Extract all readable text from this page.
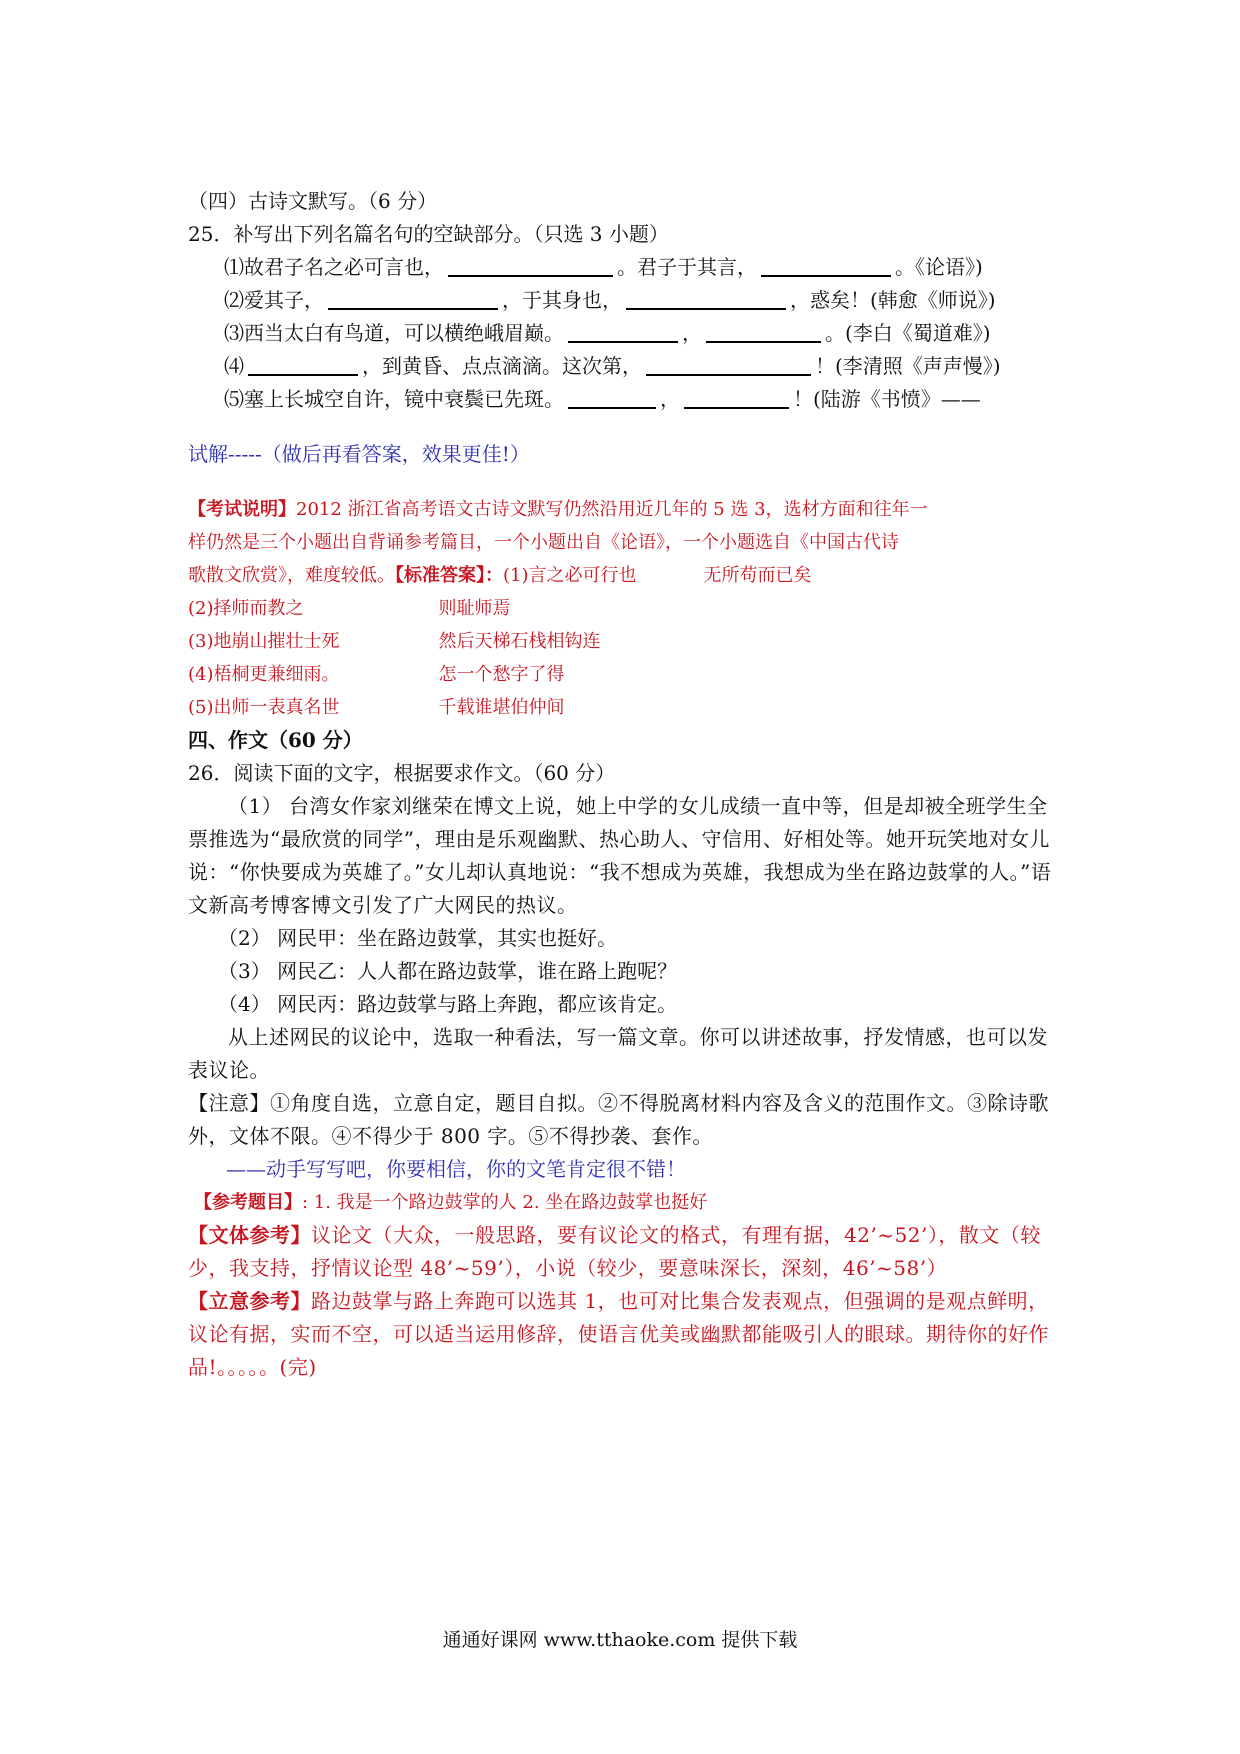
（四）古诗文默写。（6 分）
25．补写出下列名篇名句的空缺部分。（只选 3 小题）
⑴故君子名之必可言也，	。君子于其言，	。《论语》)
⑵爱其子，	，于其身也，	，惑矣！(韩愈《师说》)
⑶西当太白有鸟道，可以横绝峨眉巅。	，	。(李白《蜀道难》)
⑷	，到黄昏、点点滴滴。这次第，	！(李清照《声声慢》)
⑸塞上长城空自许，镜中衰鬓已先斑。	，	！(陆游《书愤》——
试解-----（做后再看答案，效果更佳!）
【考试说明】2012 浙江省高考语文古诗文默写仍然沿用近几年的 5 选 3，选材方面和往年一
样仍然是三个小题出自背诵参考篇目，一个小题出自《论语》，一个小题选自《中国古代诗
歌散文欣赏》，难度较低。【标准答案】：(1)言之必可行也	无所苟而已矣
(2)择师而教之	则耻师焉
(3)地崩山摧壮士死	然后天梯石栈相钩连
(4)梧桐更兼细雨。	怎一个愁字了得
(5)出师一表真名世	千载谁堪伯仲间
四、作文（60 分）
26．阅读下面的文字，根据要求作文。（60 分）
（1） 台湾女作家刘继荣在博文上说，她上中学的女儿成绩一直中等，但是却被全班学生全票推选为“最欣赏的同学”，理由是乐观幽默、热心助人、守信用、好相处等。她开玩笑地对女儿说：“你快要成为英雄了。”女儿却认真地说：“我不想成为英雄，我想成为坐在路边鼓掌的人。”语文新高考博客博文引发了广大网民的热议。
（2） 网民甲：坐在路边鼓掌，其实也挺好。
（3） 网民乙：人人都在路边鼓掌，谁在路上跑呢？
（4） 网民丙：路边鼓掌与路上奔跑，都应该肯定。
从上述网民的议论中，选取一种看法，写一篇文章。你可以讲述故事，抒发情感，也可以发表议论。
【注意】①角度自选，立意自定，题目自拟。②不得脱离材料内容及含义的范围作文。③除诗歌外，文体不限。④不得少于 800 字。⑤不得抄袭、套作。
——动手写写吧，你要相信，你的文笔肯定很不错！
【参考题目】: 1. 我是一个路边鼓掌的人 2. 坐在路边鼓掌也挺好
【文体参考】议论文（大众，一般思路，要有议论文的格式，有理有据，42’~52’），散文（较少，我支持，抒情议论型 48’~59’），小说（较少，要意味深长，深刻，46’~58’）
【立意参考】路边鼓掌与路上奔跑可以选其 1，也可对比集合发表观点，但强调的是观点鲜明，议论有据，实而不空，可以适当运用修辞，使语言优美或幽默都能吸引人的眼球。期待你的好作品!。。。。。(完)
通通好课网 www.tthaoke.com 提供下载
